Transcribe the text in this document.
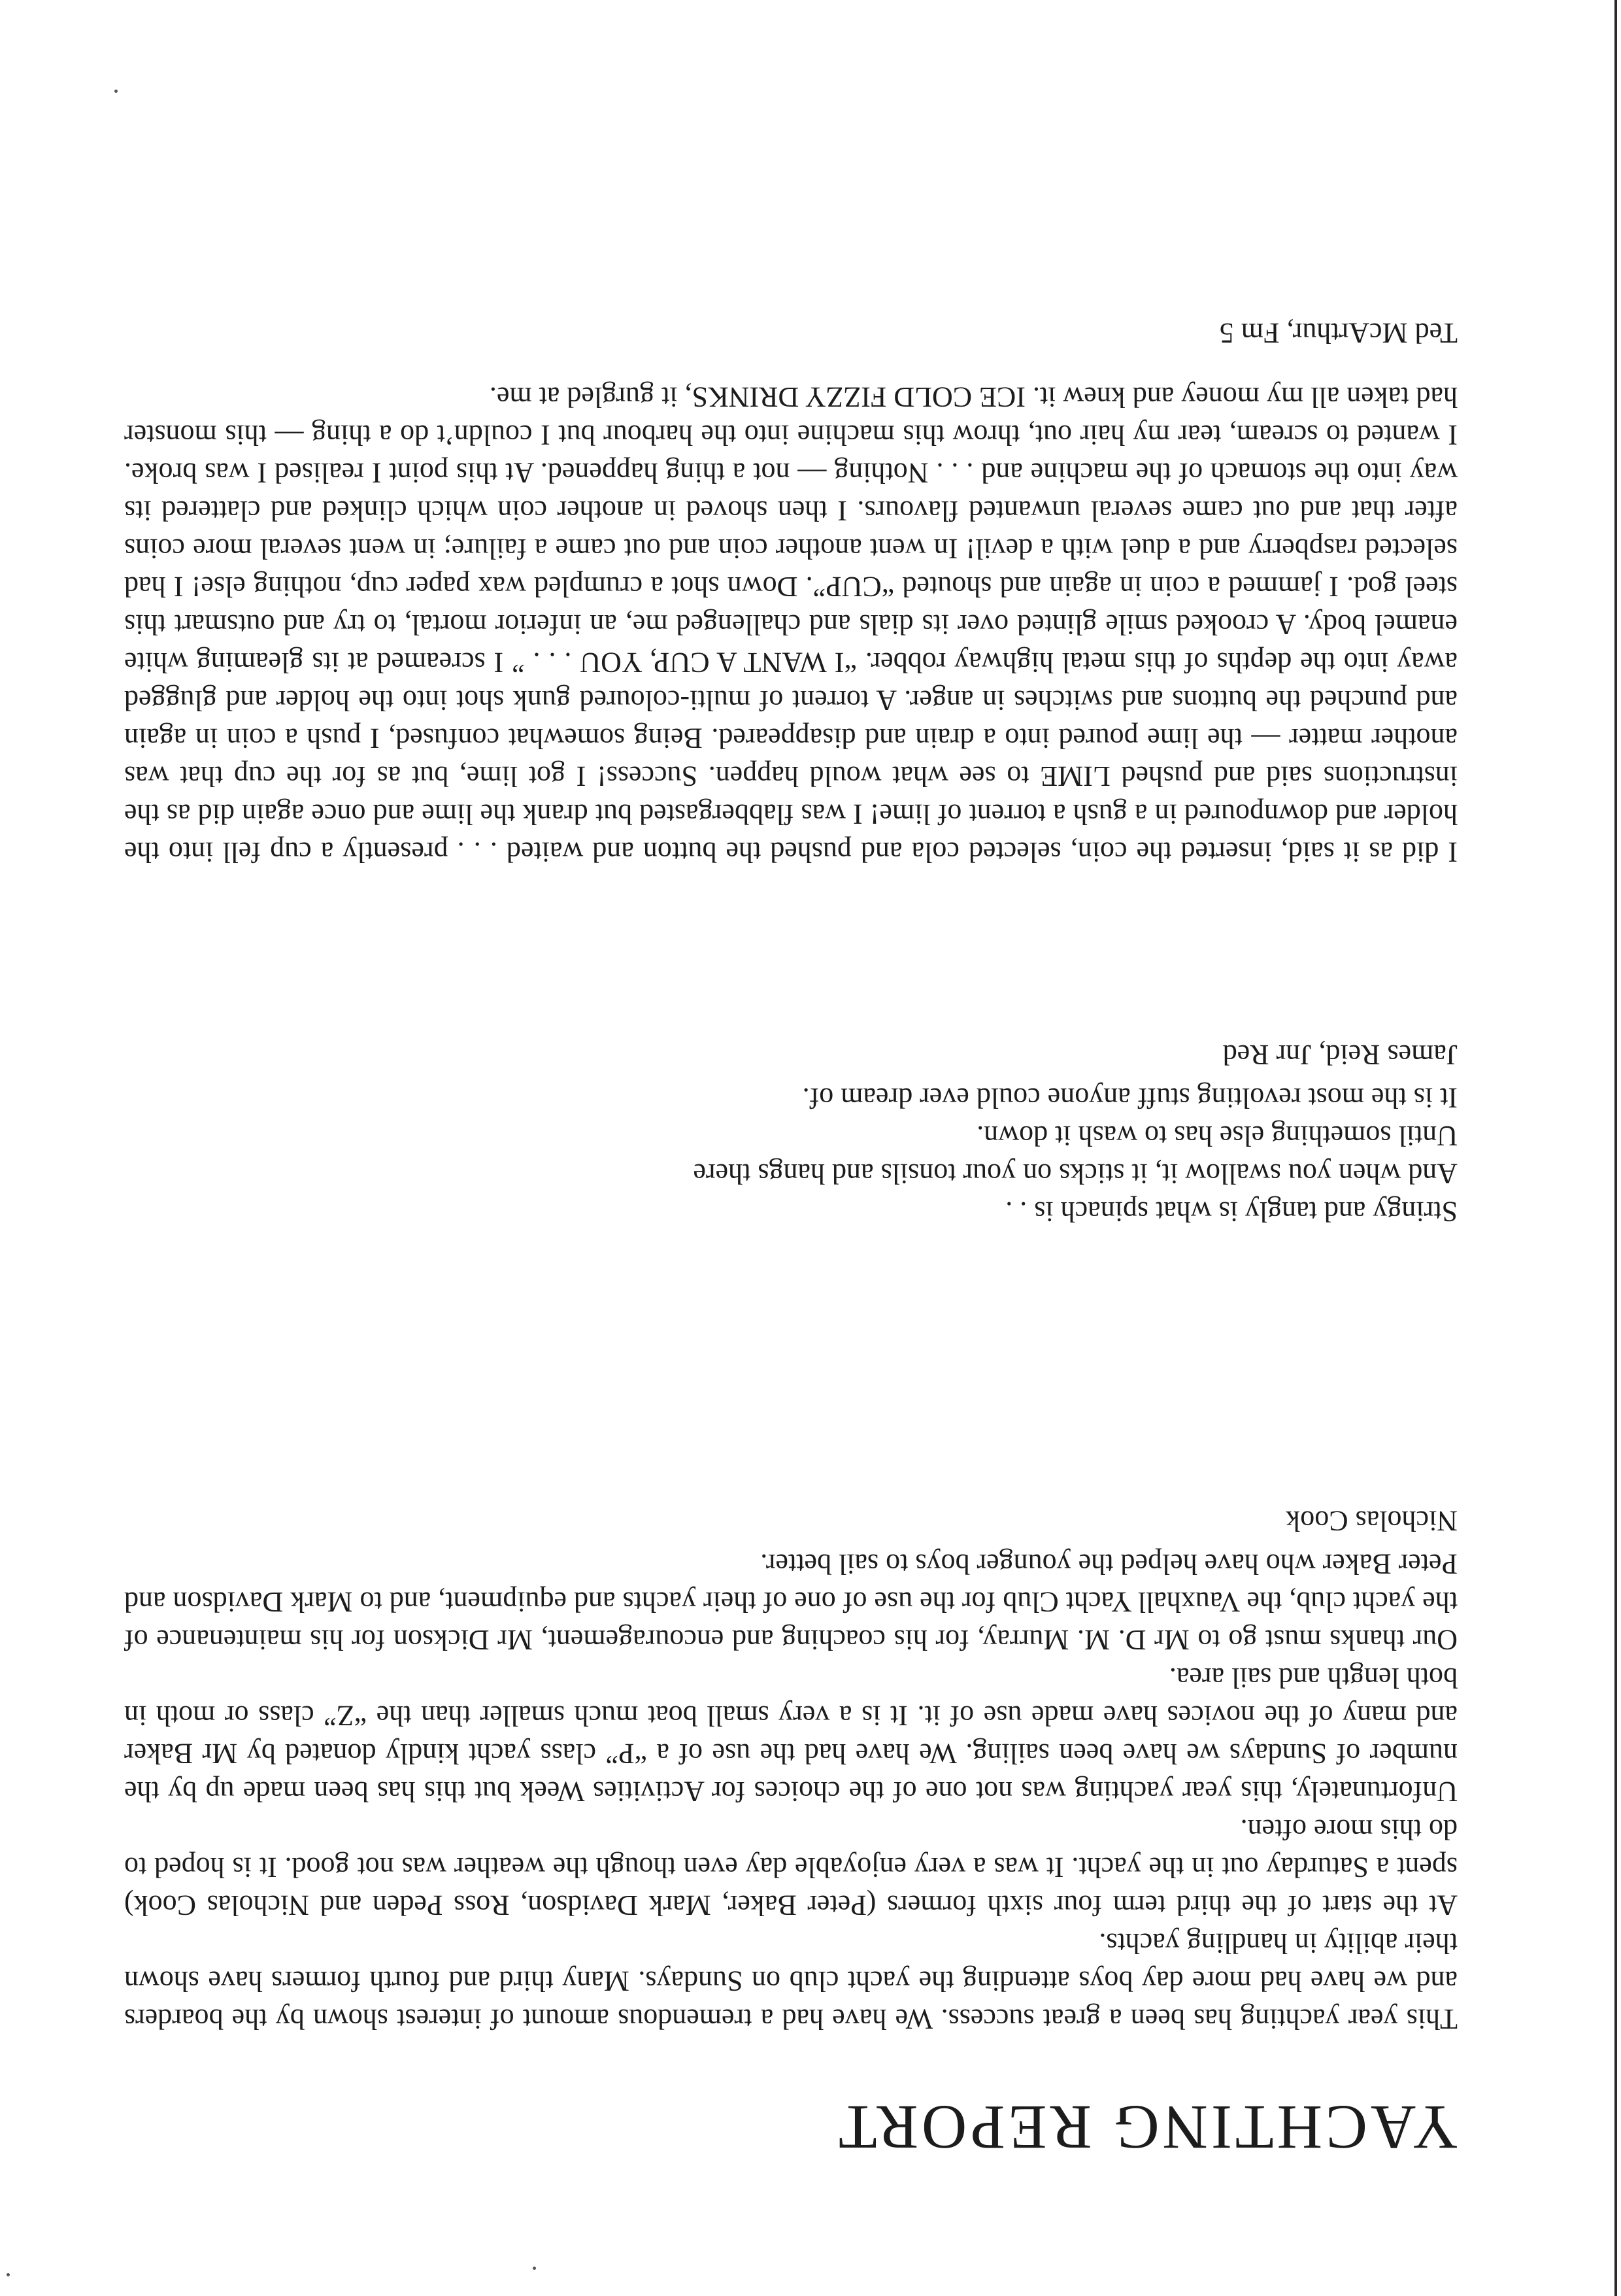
YACHTING REPORT

This year yachting has been a great success. We have had a tremendous amount of interest shown by the boarders and we have had more day boys attending the yacht club on Sundays. Many third and fourth formers have shown their ability in handling yachts.

At the start of the third term four sixth formers (Peter Baker, Mark Davidson, Ross Peden and Nicholas Cook) spent a Saturday out in the yacht. It was a very enjoyable day even though the weather was not good. It is hoped to do this more often.

Unfortunately, this year yachting was not one of the choices for Activities Week but this has been made up by the number of Sundays we have been sailing. We have had the use of a “P” class yacht kindly donated by Mr Baker and many of the novices have made use of it. It is a very small boat much smaller than the “Z” class or moth in both length and sail area.

Our thanks must go to Mr D. M. Murray, for his coaching and encouragement, Mr Dickson for his maintenance of the yacht club, the Vauxhall Yacht Club for the use of one of their yachts and equipment, and to Mark Davidson and Peter Baker who have helped the younger boys to sail better.

Nicholas Cook

Stringy and tangly is what spinach is . .
And when you swallow it, it sticks on your tonsils and hangs there
Until something else has to wash it down.
It is the most revolting stuff anyone could ever dream of.

James Reid, Jnr Red

I did as it said, inserted the coin, selected cola and pushed the button and waited . . . presently a cup fell into the holder and downpoured in a gush a torrent of lime! I was flabbergasted but drank the lime and once again did as the instructions said and pushed LIME to see what would happen. Success! I got lime, but as for the cup that was another matter — the lime poured into a drain and disappeared. Being somewhat confused, I push a coin in again and punched the buttons and switches in anger. A torrent of multi-coloured gunk shot into the holder and glugged away into the depths of this metal highway robber. “I WANT A CUP, YOU . . . ” I screamed at its gleaming white enamel body. A crooked smile glinted over its dials and challenged me, an inferior mortal, to try and outsmart this steel god. I jammed a coin in again and shouted “CUP”. Down shot a crumpled wax paper cup, nothing else! I had selected raspberry and a duel with a devil! In went another coin and out came a failure; in went several more coins after that and out came several unwanted flavours. I then shoved in another coin which clinked and clattered its way into the stomach of the machine and . . . Nothing — not a thing happened. At this point I realised I was broke. I wanted to scream, tear my hair out, throw this machine into the harbour but I couldn’t do a thing — this monster had taken all my money and knew it. ICE COLD FIZZY DRINKS, it gurgled at me.

Ted McArthur, Fm 5
